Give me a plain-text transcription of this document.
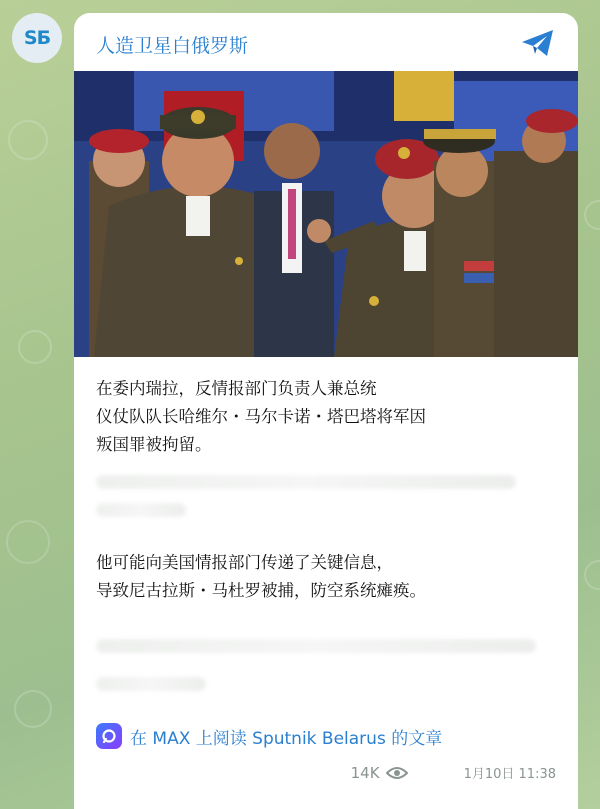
SБ 人造卫星白俄罗斯
在委内瑞拉，反情报部门负责人兼总统
仪仗队队长哈维尔・马尔卡诺・塔巴塔将军因
叛国罪被拘留。
他可能向美国情报部门传递了关键信息，
导致尼古拉斯・马杜罗被捕，防空系统瘫痪。
在 MAX 上阅读 Sputnik Belarus 的文章
14K	1月10日 11:38
